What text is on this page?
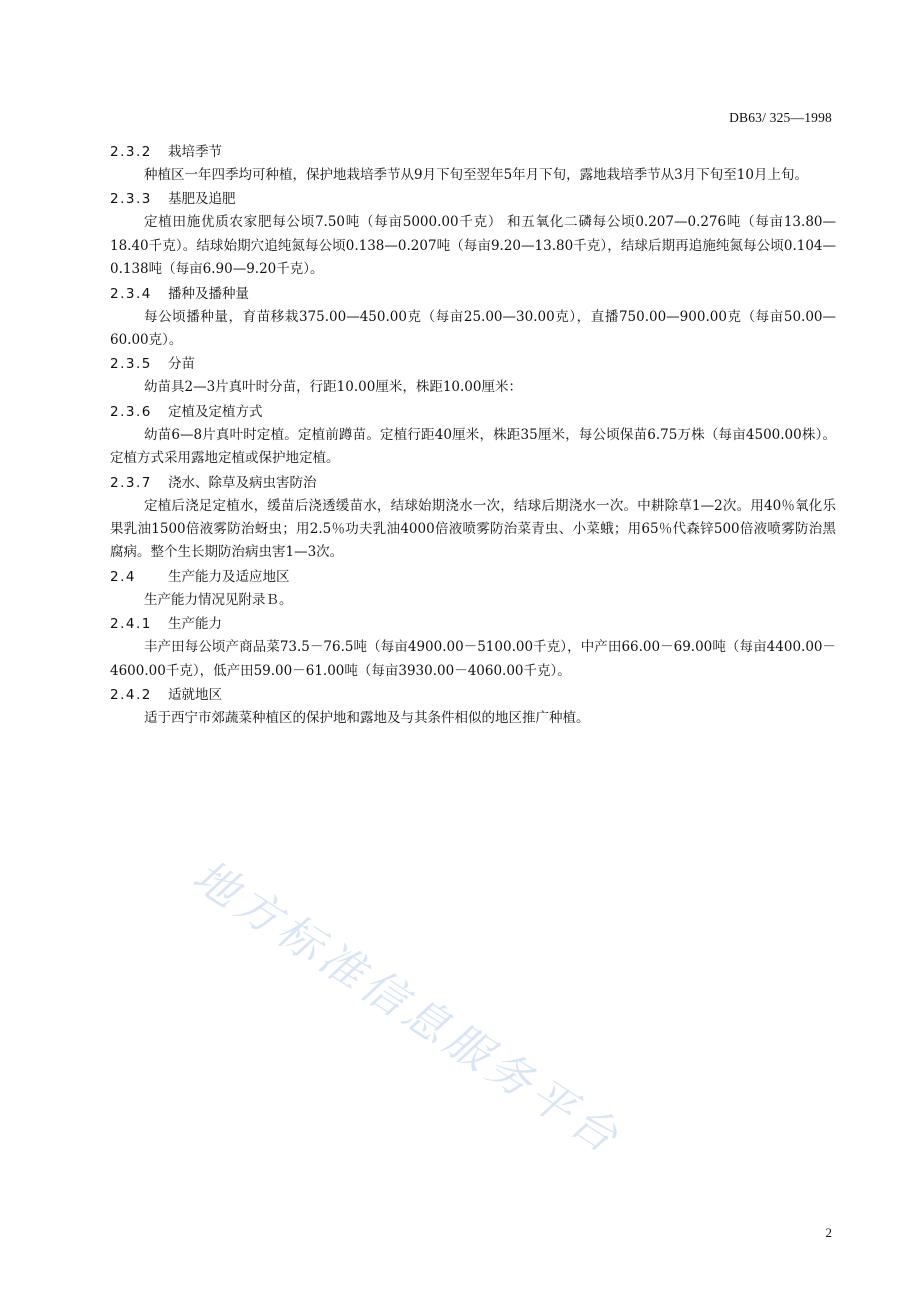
DB63/ 325—1998
2.3.2 栽培季节

种植区一年四季均可种植，保护地栽培季节从9月下旬至翌年5年月下旬，露地栽培季节从3月下旬至10月上旬。

2.3.3 基肥及追肥

定植田施优质农家肥每公顷7.50吨（每亩5000.00千克） 和五氧化二磷每公顷0.207—0.276吨（每亩13.80—18.40千克）。结球始期穴追纯氮每公顷0.138—0.207吨（每亩9.20—13.80千克），结球后期再追施纯氮每公顷0.104—0.138吨（每亩6.90—9.20千克）。

2.3.4 播种及播种量

每公顷播种量，育苗移栽375.00—450.00克（每亩25.00—30.00克），直播750.00—900.00克（每亩50.00—60.00克）。

2.3.5 分苗

幼苗具2—3片真叶时分苗，行距10.00厘米，株距10.00厘米：

2.3.6 定植及定植方式

幼苗6—8片真叶时定植。定植前蹲苗。定植行距40厘米，株距35厘米，每公顷保苗6.75万株（每亩4500.00株）。定植方式采用露地定植或保护地定植。

2.3.7 浇水、除草及病虫害防治

定植后浇足定植水，缓苗后浇透缓苗水，结球始期浇水一次，结球后期浇水一次。中耕除草1—2次。用40％氧化乐果乳油1500倍液雾防治蚜虫；用2.5％功夫乳油4000倍液喷雾防治菜青虫、小菜蛾；用65％代森锌500倍液喷雾防治黑腐病。整个生长期防治病虫害1—3次。

2.4 生产能力及适应地区

生产能力情况见附录Ｂ。

2.4.1 生产能力

丰产田每公顷产商品菜73.5－76.5吨（每亩4900.00－5100.00千克），中产田66.00－69.00吨（每亩4400.00－4600.00千克），低产田59.00－61.00吨（每亩3930.00－4060.00千克）。

2.4.2 适就地区

适于西宁市郊蔬菜种植区的保护地和露地及与其条件相似的地区推广种植。

地方标准信息服务平台
2
